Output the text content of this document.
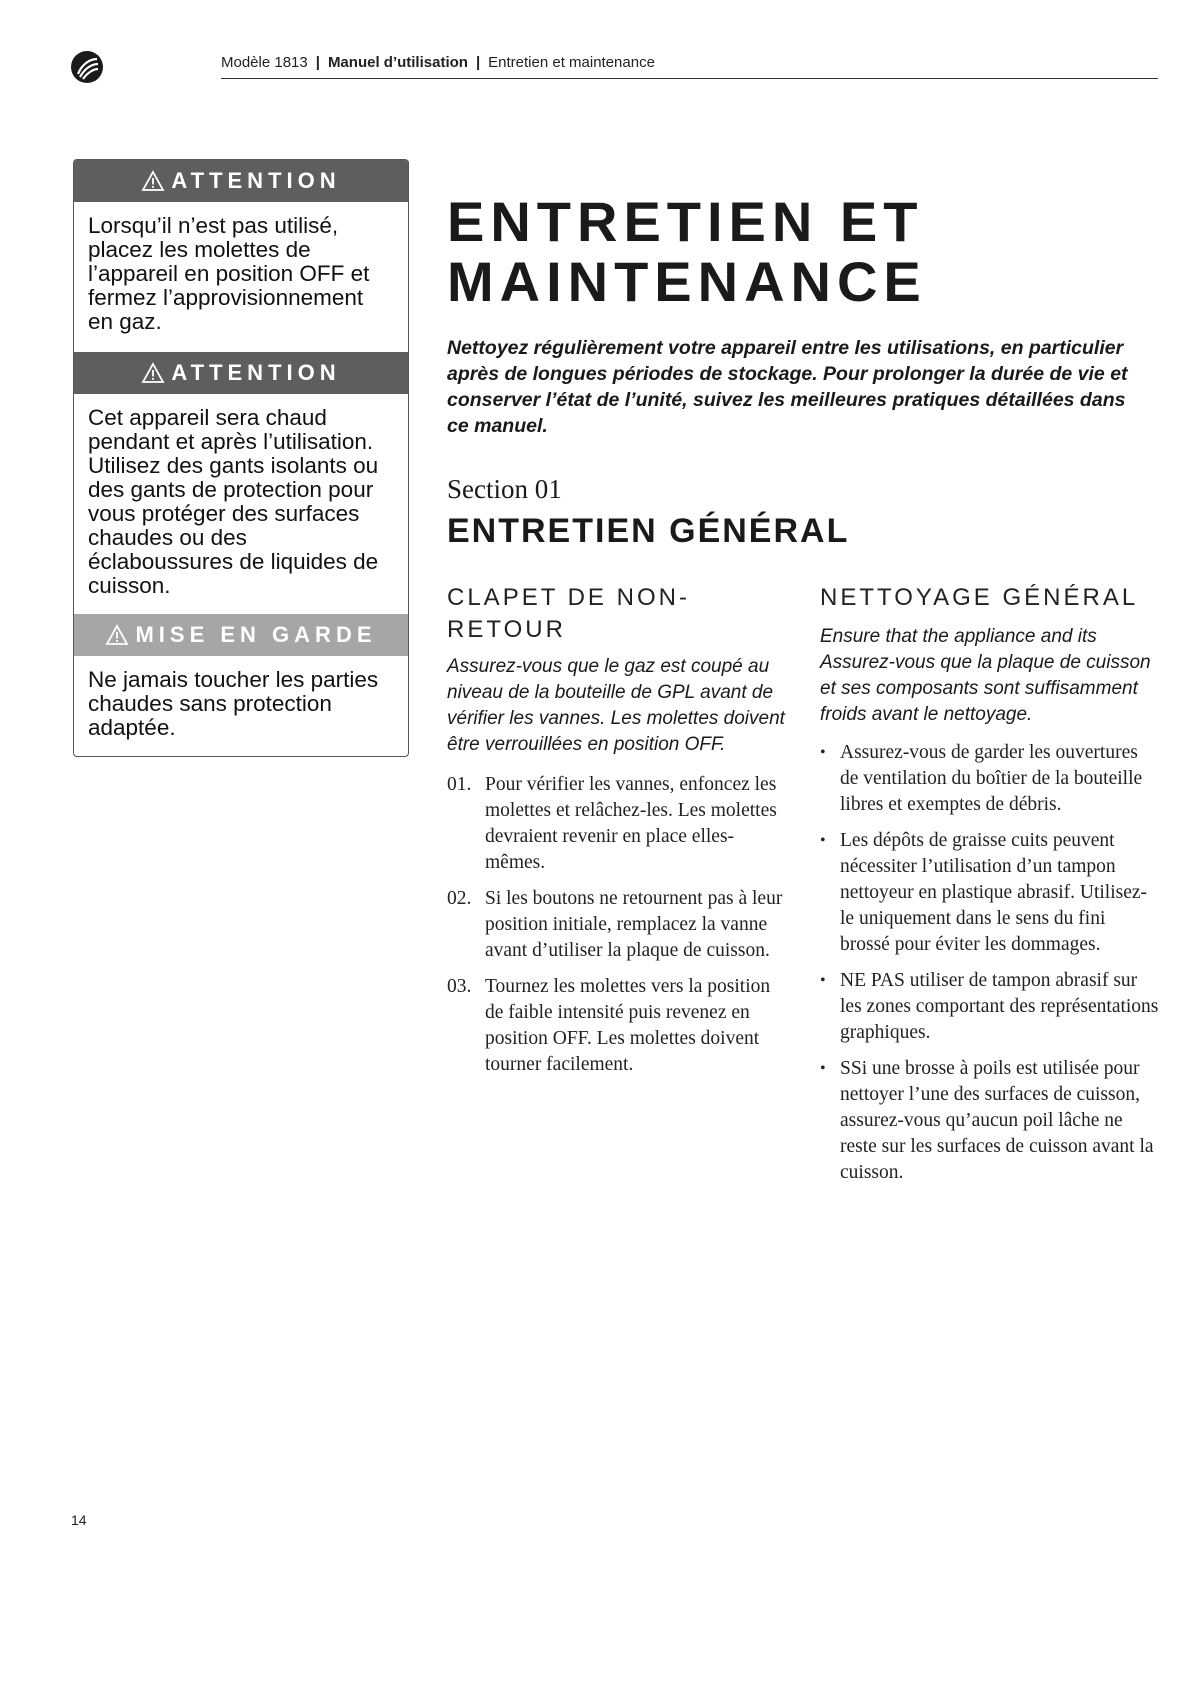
Modèle 1813 | Manuel d’utilisation | Entretien et maintenance
ATTENTION
Lorsqu’il n’est pas utilisé, placez les molettes de l’appareil en position OFF et fermez l’approvisionnement en gaz.
ATTENTION
Cet appareil sera chaud pendant et après l’utilisation. Utilisez des gants isolants ou des gants de protection pour vous protéger des surfaces chaudes ou des éclaboussures de liquides de cuisson.
MISE EN GARDE
Ne jamais toucher les parties chaudes sans protection adaptée.
ENTRETIEN ET
MAINTENANCE
Nettoyez régulièrement votre appareil entre les utilisations, en particulier après de longues périodes de stockage. Pour prolonger la durée de vie et conserver l’état de l’unité, suivez les meilleures pratiques détaillées dans ce manuel.
Section 01
ENTRETIEN GÉNÉRAL
CLAPET DE NON-
RETOUR
Assurez-vous que le gaz est coupé au niveau de la bouteille de GPL avant de vérifier les vannes. Les molettes doivent être verrouillées en position OFF.
01. Pour vérifier les vannes, enfoncez les molettes et relâchez-les. Les molettes devraient revenir en place elles-mêmes.
02. Si les boutons ne retournent pas à leur position initiale, remplacez la vanne avant d’utiliser la plaque de cuisson.
03. Tournez les molettes vers la position de faible intensité puis revenez en position OFF. Les molettes doivent tourner facilement.
NETTOYAGE GÉNÉRAL
Ensure that the appliance and its Assurez-vous que la plaque de cuisson et ses composants sont suffisamment froids avant le nettoyage.
• Assurez-vous de garder les ouvertures de ventilation du boîtier de la bouteille libres et exemptes de débris.
• Les dépôts de graisse cuits peuvent nécessiter l’utilisation d’un tampon nettoyeur en plastique abrasif. Utilisez-le uniquement dans le sens du fini brossé pour éviter les dommages.
• NE PAS utiliser de tampon abrasif sur les zones comportant des représentations graphiques.
• SSi une brosse à poils est utilisée pour nettoyer l’une des surfaces de cuisson, assurez-vous qu’aucun poil lâche ne reste sur les surfaces de cuisson avant la cuisson.
14
